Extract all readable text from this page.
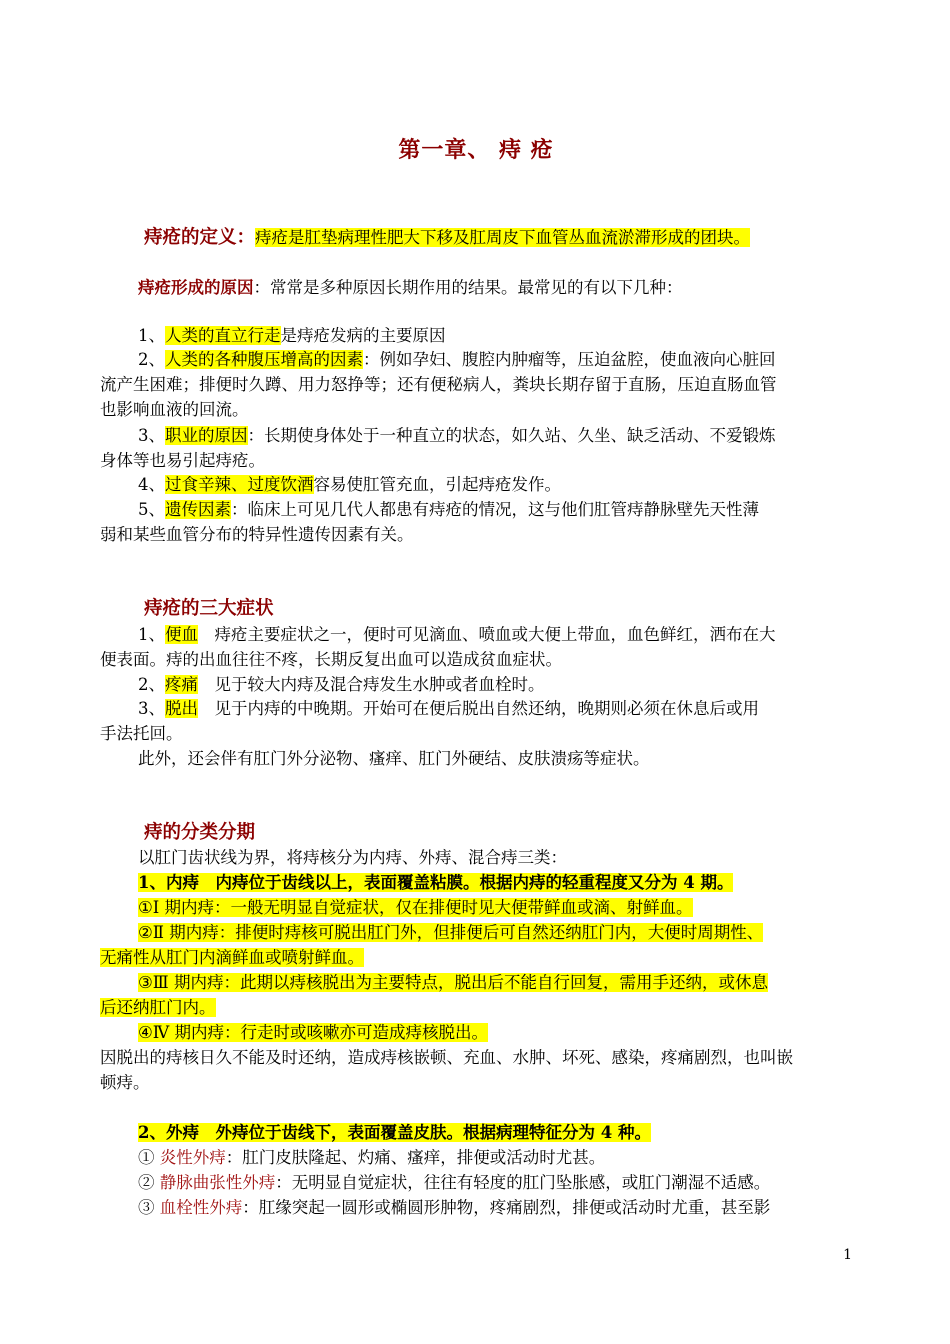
第一章、 痔 疮
痔疮的定义：痔疮是肛垫病理性肥大下移及肛周皮下血管丛血流淤滞形成的团块。
痔疮形成的原因：常常是多种原因长期作用的结果。最常见的有以下几种：
1、人类的直立行走是痔疮发病的主要原因
2、人类的各种腹压增高的因素：例如孕妇、腹腔内肿瘤等，压迫盆腔，使血液向心脏回
流产生困难；排便时久蹲、用力怒挣等；还有便秘病人，粪块长期存留于直肠，压迫直肠血管
也影响血液的回流。
3、职业的原因：长期使身体处于一种直立的状态，如久站、久坐、缺乏活动、不爱锻炼
身体等也易引起痔疮。
4、过食辛辣、过度饮酒容易使肛管充血，引起痔疮发作。
5、遗传因素：临床上可见几代人都患有痔疮的情况，这与他们肛管痔静脉壁先天性薄
弱和某些血管分布的特异性遗传因素有关。
痔疮的三大症状
1、便血　痔疮主要症状之一，便时可见滴血、喷血或大便上带血，血色鲜红，洒布在大
便表面。痔的出血往往不疼，长期反复出血可以造成贫血症状。
2、疼痛　见于较大内痔及混合痔发生水肿或者血栓时。
3、脱出　见于内痔的中晚期。开始可在便后脱出自然还纳，晚期则必须在休息后或用
手法托回。
此外，还会伴有肛门外分泌物、瘙痒、肛门外硬结、皮肤溃疡等症状。
痔的分类分期
以肛门齿状线为界，将痔核分为内痔、外痔、混合痔三类：
1、内痔　内痔位于齿线以上，表面覆盖粘膜。根据内痔的轻重程度又分为 4 期。
①Ⅰ 期内痔：一般无明显自觉症状，仅在排便时见大便带鲜血或滴、射鲜血。
②Ⅱ 期内痔：排便时痔核可脱出肛门外，但排便后可自然还纳肛门内，大便时周期性、
无痛性从肛门内滴鲜血或喷射鲜血。
③Ⅲ 期内痔：此期以痔核脱出为主要特点，脱出后不能自行回复，需用手还纳，或休息
后还纳肛门内。
④Ⅳ 期内痔：行走时或咳嗽亦可造成痔核脱出。
因脱出的痔核日久不能及时还纳，造成痔核嵌顿、充血、水肿、坏死、感染，疼痛剧烈，也叫嵌
顿痔。
2、外痔　外痔位于齿线下，表面覆盖皮肤。根据病理特征分为 4 种。
① 炎性外痔：肛门皮肤隆起、灼痛、瘙痒，排便或活动时尤甚。
② 静脉曲张性外痔：无明显自觉症状，往往有轻度的肛门坠胀感，或肛门潮湿不适感。
③ 血栓性外痔：肛缘突起一圆形或椭圆形肿物，疼痛剧烈，排便或活动时尤重，甚至影
1
